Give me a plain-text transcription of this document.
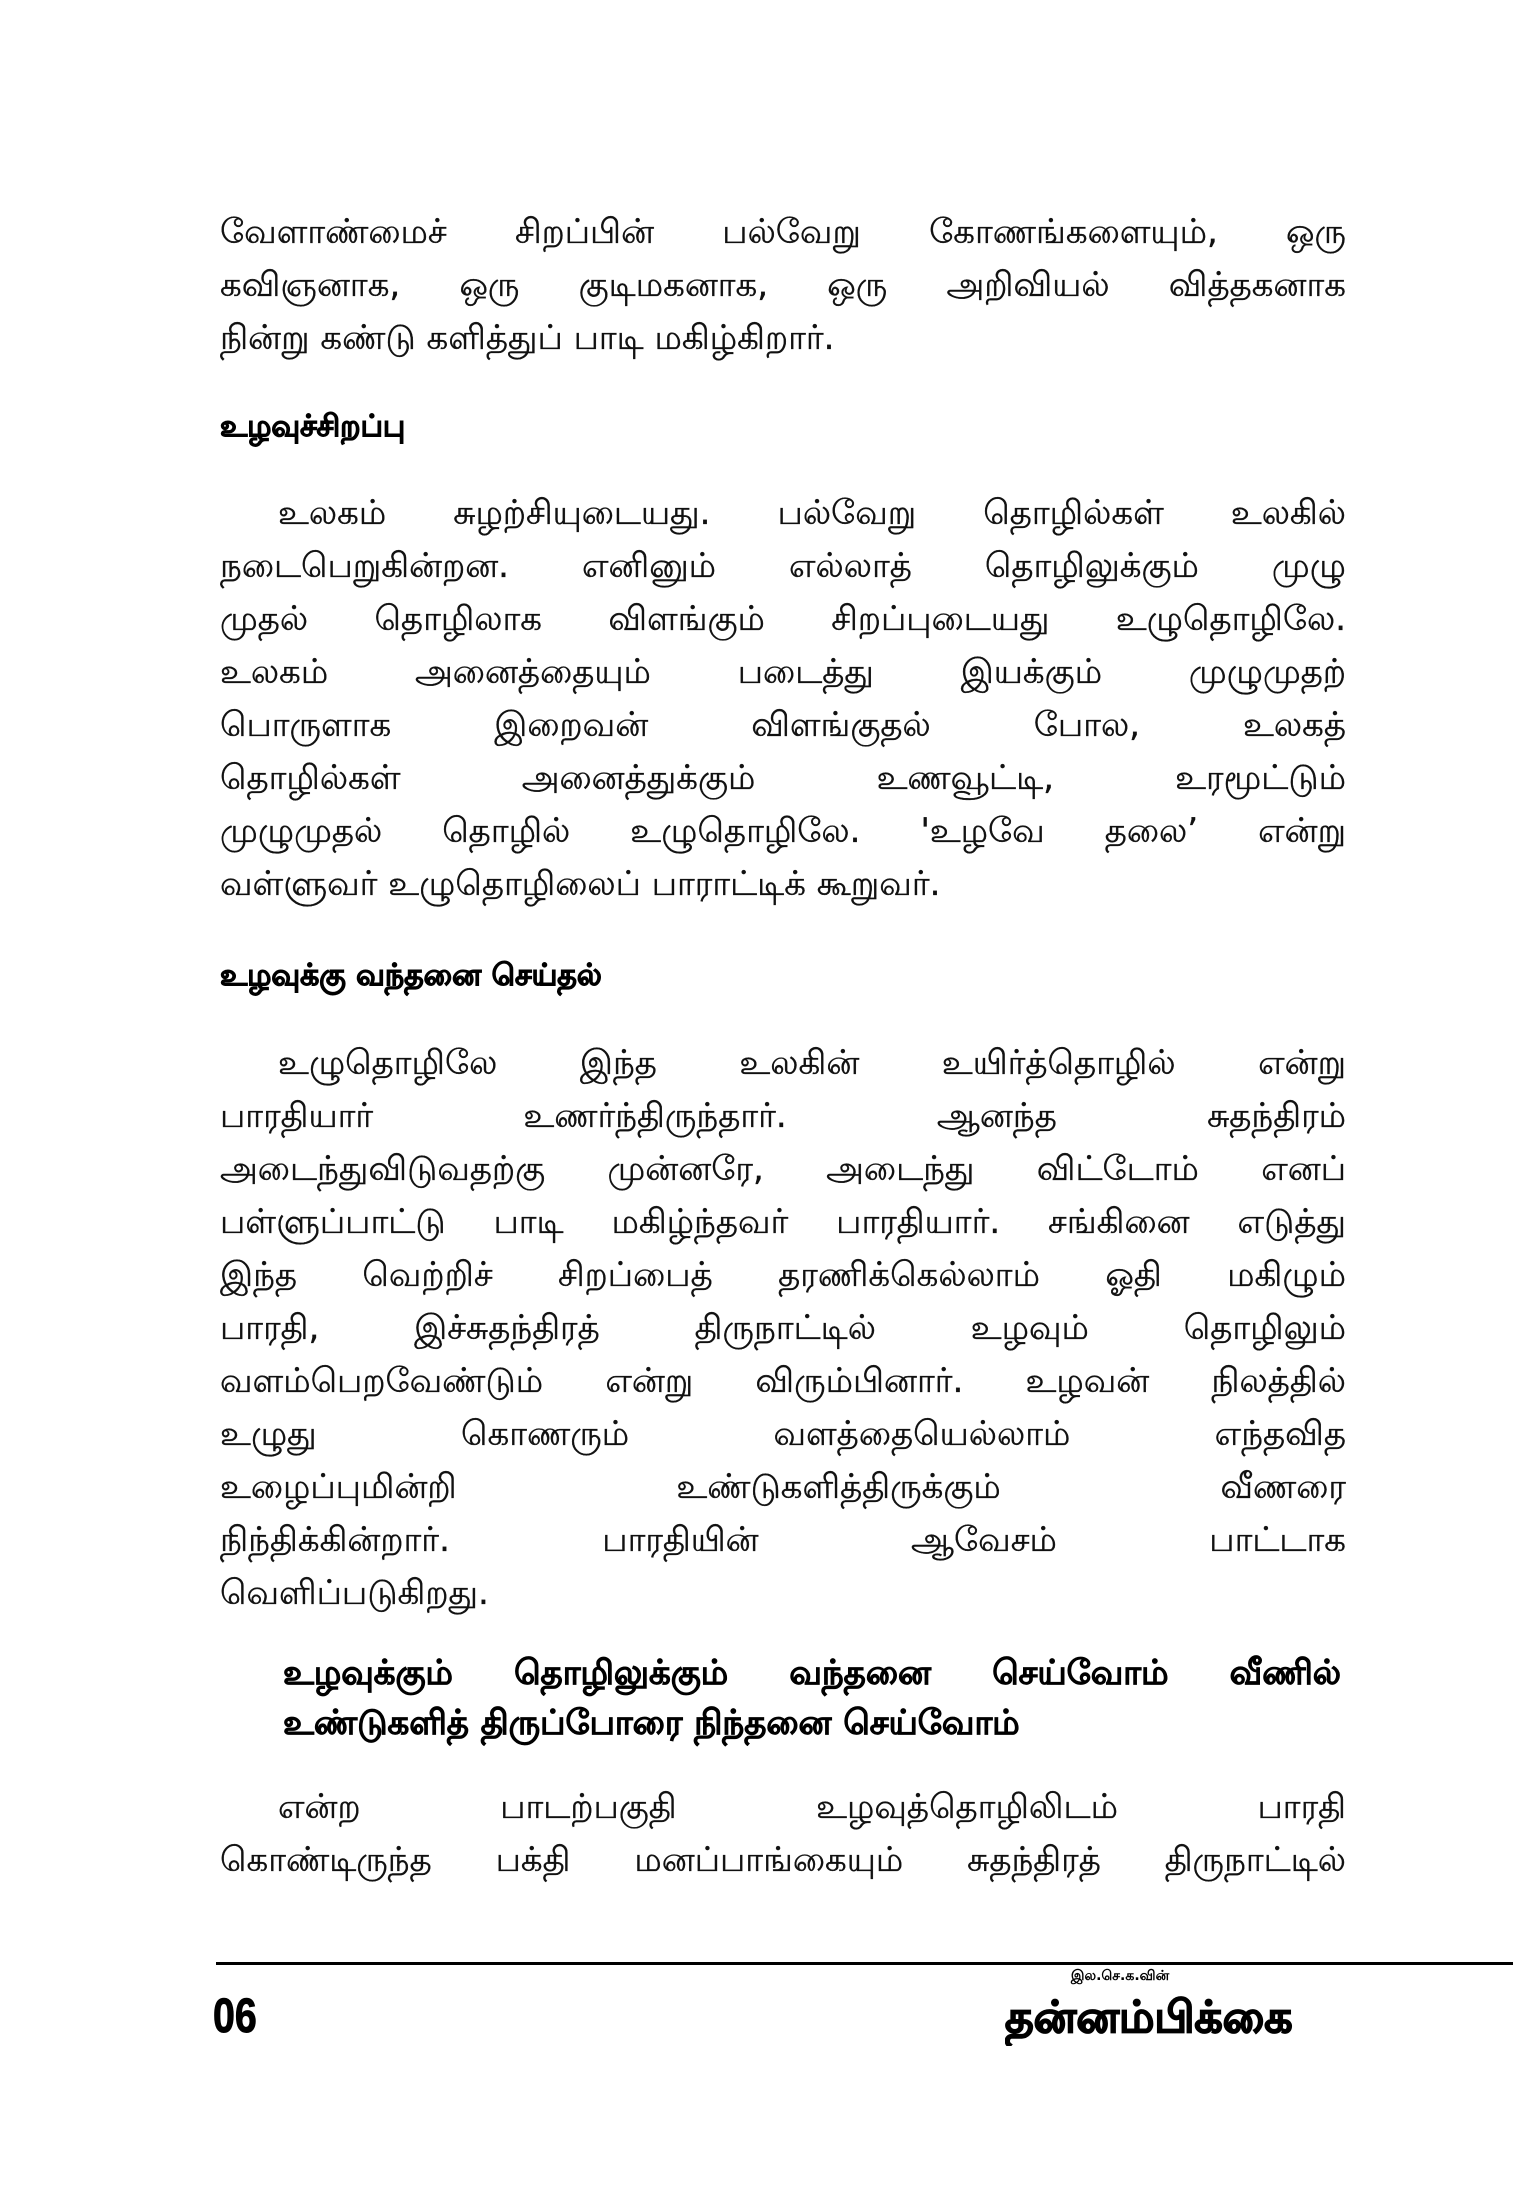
வேளாண்மைச் சிறப்பின் பல்வேறு கோணங்களையும், ஒரு
கவிஞனாக, ஒரு குடிமகனாக, ஒரு அறிவியல் வித்தகனாக
நின்று கண்டு களித்துப் பாடி மகிழ்கிறார்.
உழவுச்சிறப்பு
உலகம் சுழற்சியுடையது. பல்வேறு தொழில்கள் உலகில்
நடைபெறுகின்றன. எனினும் எல்லாத் தொழிலுக்கும் முழு
முதல் தொழிலாக விளங்கும் சிறப்புடையது உழுதொழிலே.
உலகம் அனைத்தையும் படைத்து இயக்கும் முழுமுதற்
பொருளாக இறைவன் விளங்குதல் போல, உலகத்
தொழில்கள் அனைத்துக்கும் உணவூட்டி, உரமூட்டும்
முழுமுதல் தொழில் உழுதொழிலே. 'உழவே தலை’ என்று
வள்ளுவர் உழுதொழிலைப் பாராட்டிக் கூறுவர்.
உழவுக்கு வந்தனை செய்தல்
உழுதொழிலே இந்த உலகின் உயிர்த்தொழில் என்று
பாரதியார் உணர்ந்திருந்தார். ஆனந்த சுதந்திரம்
அடைந்துவிடுவதற்கு முன்னரே, அடைந்து விட்டோம் எனப்
பள்ளுப்பாட்டு பாடி மகிழ்ந்தவர் பாரதியார். சங்கினை எடுத்து
இந்த வெற்றிச் சிறப்பைத் தரணிக்கெல்லாம் ஓதி மகிழும்
பாரதி, இச்சுதந்திரத் திருநாட்டில் உழவும் தொழிலும்
வளம்பெறவேண்டும் என்று விரும்பினார். உழவன் நிலத்தில்
உழுது கொணரும் வளத்தையெல்லாம் எந்தவித
உழைப்புமின்றி உண்டுகளித்திருக்கும் வீணரை
நிந்திக்கின்றார். பாரதியின் ஆவேசம் பாட்டாக
வெளிப்படுகிறது.
உழவுக்கும் தொழிலுக்கும் வந்தனை செய்வோம் வீணில்
உண்டுகளித் திருப்போரை நிந்தனை செய்வோம்
என்ற பாடற்பகுதி உழவுத்தொழிலிடம் பாரதி
கொண்டிருந்த பக்தி மனப்பாங்கையும் சுதந்திரத் திருநாட்டில்
இல.செ.க.வின்
06	தன்னம்பிக்கை
